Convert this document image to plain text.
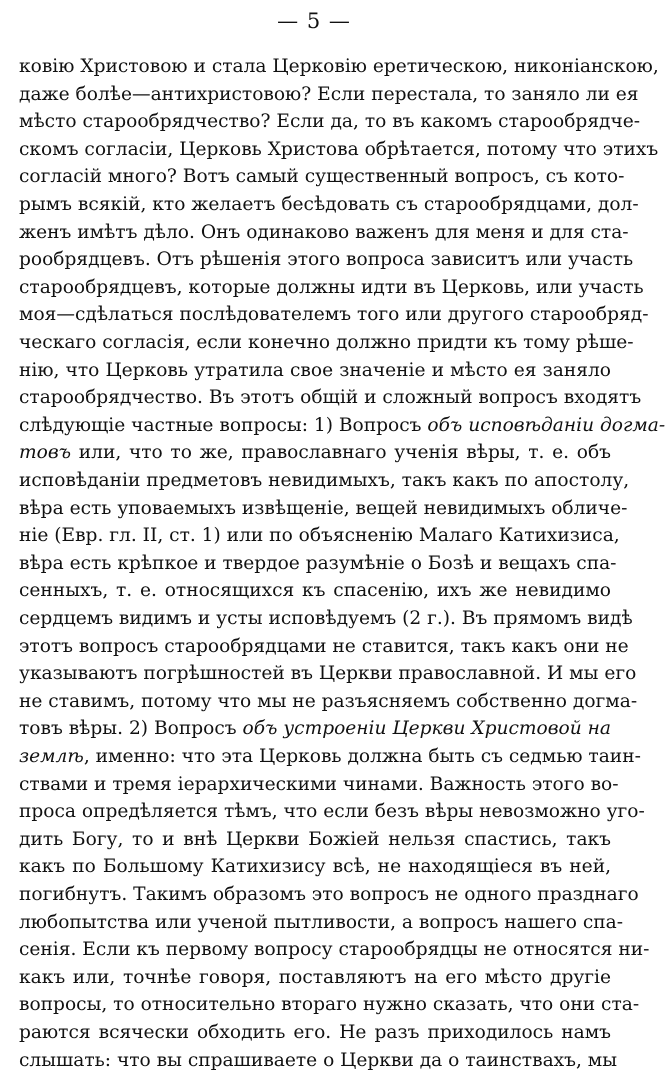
— 5 —
ковію Христовою и стала Церковію еретическою, никоніанскою,
даже болѣе—антихристовою? Если перестала, то заняло ли ея
мѣсто старообрядчество? Если да, то въ какомъ старообрядче-
скомъ согласіи, Церковь Христова обрѣтается, потому что этихъ
согласій много? Вотъ самый существенный вопросъ, съ кото-
рымъ всякій, кто желаетъ бесѣдовать съ старообрядцами, дол-
женъ имѣтъ дѣло. Онъ одинаково важенъ для меня и для ста-
рообрядцевъ. Отъ рѣшенія этого вопроса зависитъ или участь
старообрядцевъ, которые должны идти въ Церковь, или участь
моя—сдѣлаться послѣдователемъ того или другого старообряд-
ческаго согласія, если конечно должно придти къ тому рѣше-
нію, что Церковь утратила свое значеніе и мѣсто ея заняло
старообрядчество. Въ этотъ общій и сложный вопросъ входятъ
слѣдующіе частные вопросы: 1) Вопросъ объ исповѣданіи догма-
товъ или, что то же, православнаго ученія вѣры, т. е. объ
исповѣданіи предметовъ невидимыхъ, такъ какъ по апостолу,
вѣра есть уповаемыхъ извѣщеніе, вещей невидимыхъ обличе-
ніе (Евр. гл. II, ст. 1) или по объясненію Малаго Катихизиса,
вѣра есть крѣпкое и твердое разумѣніе о Бозѣ и вещахъ спа-
сенныхъ, т. е. относящихся къ спасенію, ихъ же невидимо
сердцемъ видимъ и усты исповѣдуемъ (2 г.). Въ прямомъ видѣ
этотъ вопросъ старообрядцами не ставится, такъ какъ они не
указываютъ погрѣшностей въ Церкви православной. И мы его
не ставимъ, потому что мы не разъясняемъ собственно догма-
товъ вѣры. 2) Вопросъ объ устроеніи Церкви Христовой на
землѣ, именно: что эта Церковь должна быть съ седмью таин-
ствами и тремя іерархическими чинами. Важность этого во-
проса опредѣляется тѣмъ, что если безъ вѣры невозможно уго-
дить Богу, то и внѣ Церкви Божіей нельзя спастись, такъ
какъ по Большому Катихизису всѣ, не находящіеся въ ней,
погибнутъ. Такимъ образомъ это вопросъ не одного празднаго
любопытства или ученой пытливости, а вопросъ нашего спа-
сенія. Если къ первому вопросу старообрядцы не относятся ни-
какъ или, точнѣе говоря, поставляютъ на его мѣсто другіе
вопросы, то относительно втораго нужно сказать, что они ста-
раются всячески обходить его. Не разъ приходилось намъ
слышать: что вы спрашиваете о Церкви да о таинствахъ, мы
